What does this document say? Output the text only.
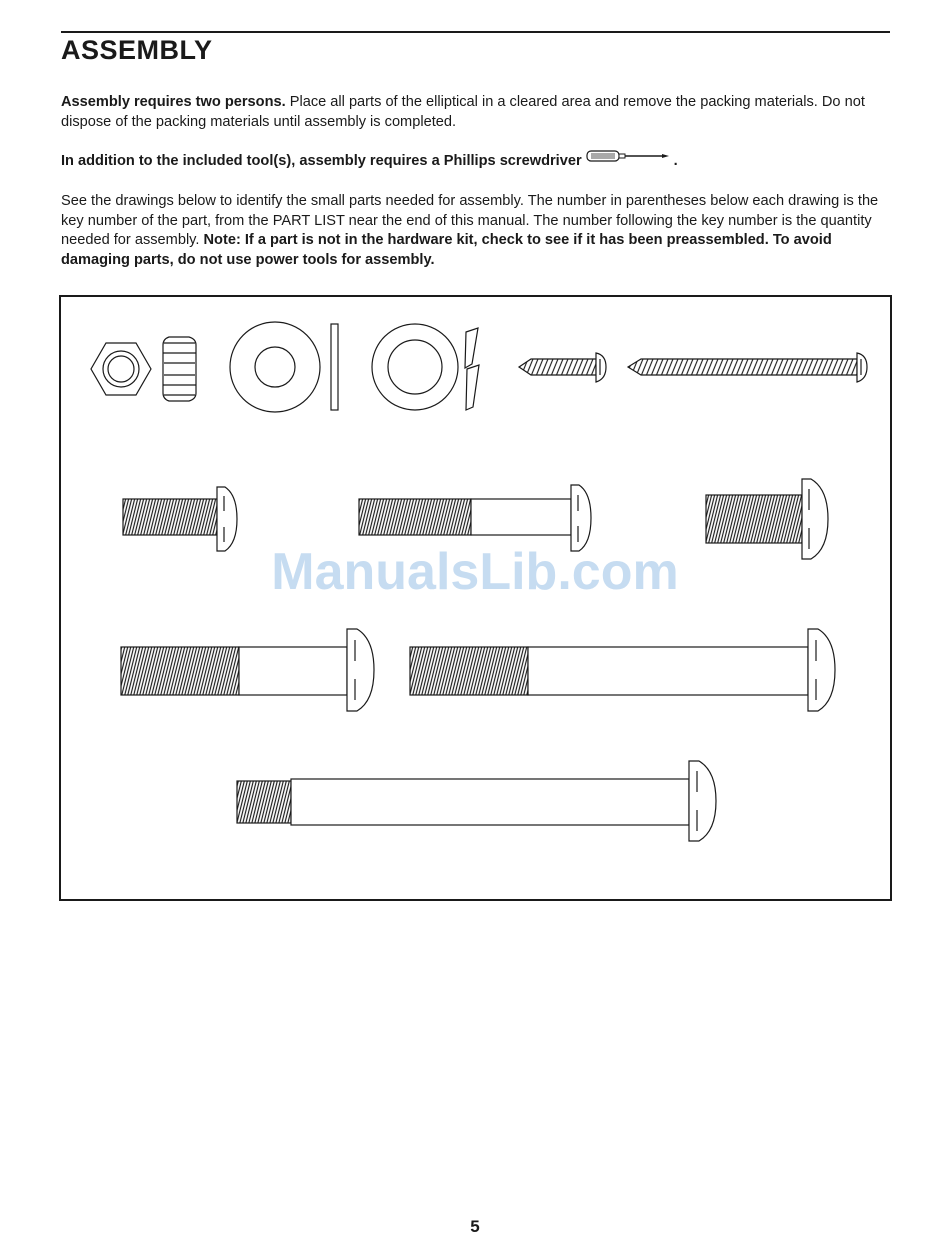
ASSEMBLY
Assembly requires two persons. Place all parts of the elliptical in a cleared area and remove the packing materials. Do not dispose of the packing materials until assembly is completed.
In addition to the included tool(s), assembly requires a Phillips screwdriver	.
See the drawings below to identify the small parts needed for assembly. The number in parentheses below each drawing is the key number of the part, from the PART LIST near the end of this manual. The number following the key number is the quantity needed for assembly. Note: If a part is not in the hardware kit, check to see if it has been preassembled. To avoid damaging parts, do not use power tools for assembly.
ManualsLib.com
5
